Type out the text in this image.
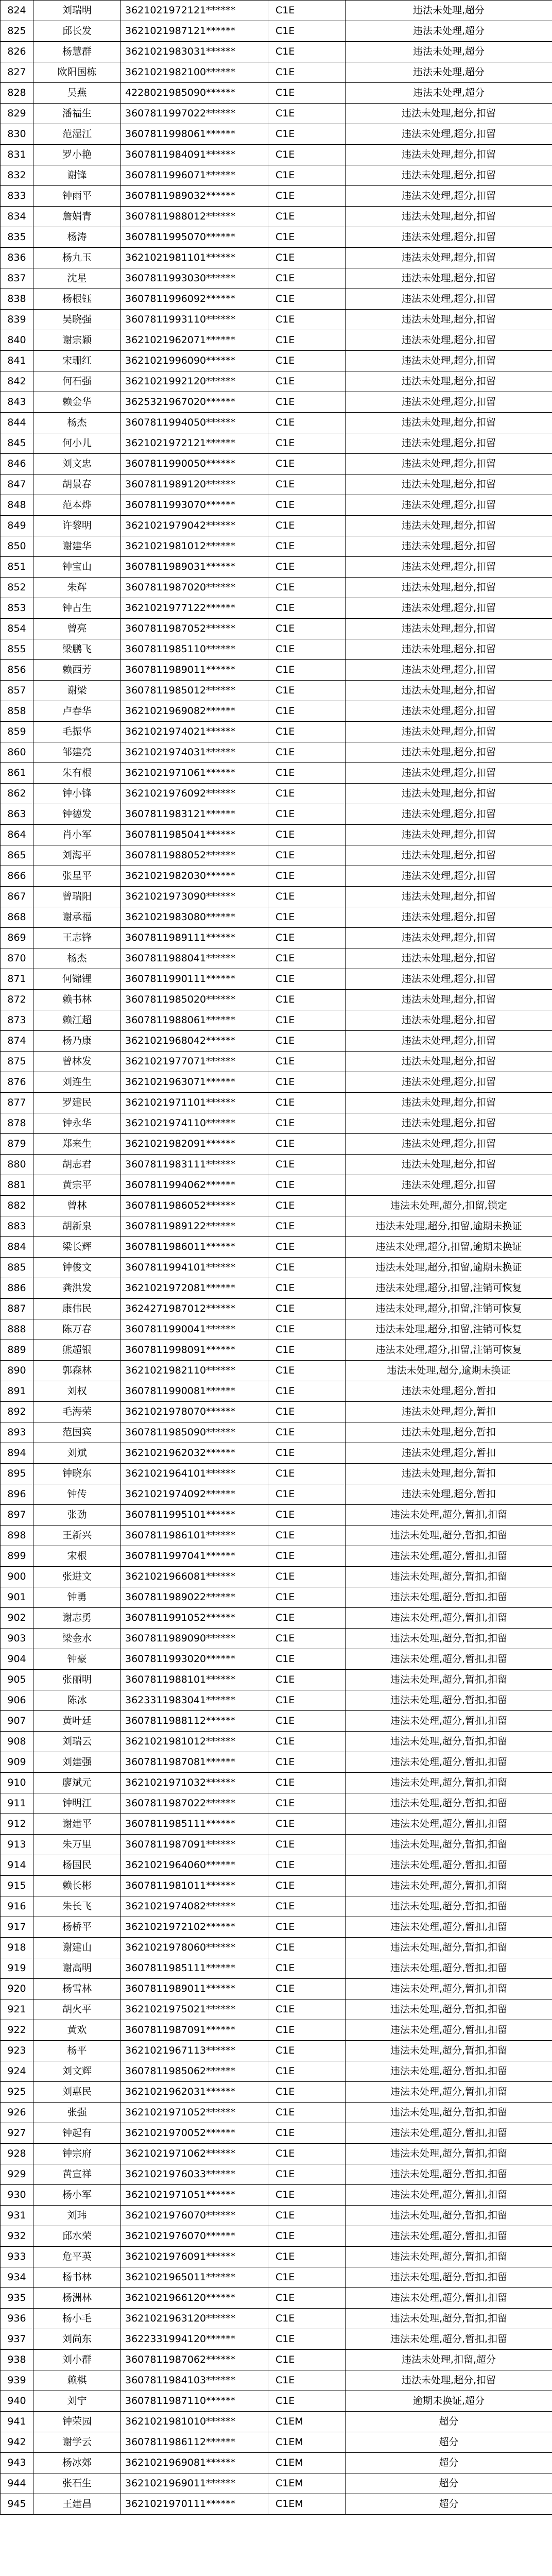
824	刘瑞明	3621021972121******	C1E	违法未处理,超分
825	邱长发	3621021987121******	C1E	违法未处理,超分
826	杨慧群	3621021983031******	C1E	违法未处理,超分
827	欧阳国栋	3621021982100******	C1E	违法未处理,超分
828	吴燕	4228021985090******	C1E	违法未处理,超分
829	潘福生	3607811997022******	C1E	违法未处理,超分,扣留
830	范湿江	3607811998061******	C1E	违法未处理,超分,扣留
831	罗小艳	3607811984091******	C1E	违法未处理,超分,扣留
832	谢锋	3607811996071******	C1E	违法未处理,超分,扣留
833	钟雨平	3607811989032******	C1E	违法未处理,超分,扣留
834	詹娟青	3607811988012******	C1E	违法未处理,超分,扣留
835	杨涛	3607811995070******	C1E	违法未处理,超分,扣留
836	杨九玉	3621021981101******	C1E	违法未处理,超分,扣留
837	沈星	3607811993030******	C1E	违法未处理,超分,扣留
838	杨根钰	3607811996092******	C1E	违法未处理,超分,扣留
839	吴晓强	3607811993110******	C1E	违法未处理,超分,扣留
840	谢宗颖	3621021962071******	C1E	违法未处理,超分,扣留
841	宋珊红	3621021996090******	C1E	违法未处理,超分,扣留
842	何石强	3621021992120******	C1E	违法未处理,超分,扣留
843	赖金华	3625321967020******	C1E	违法未处理,超分,扣留
844	杨杰	3607811994050******	C1E	违法未处理,超分,扣留
845	何小儿	3621021972121******	C1E	违法未处理,超分,扣留
846	刘文忠	3607811990050******	C1E	违法未处理,超分,扣留
847	胡景春	3607811989120******	C1E	违法未处理,超分,扣留
848	范本烨	3607811993070******	C1E	违法未处理,超分,扣留
849	许黎明	3621021979042******	C1E	违法未处理,超分,扣留
850	谢建华	3621021981012******	C1E	违法未处理,超分,扣留
851	钟宝山	3607811989031******	C1E	违法未处理,超分,扣留
852	朱辉	3607811987020******	C1E	违法未处理,超分,扣留
853	钟占生	3621021977122******	C1E	违法未处理,超分,扣留
854	曾亮	3607811987052******	C1E	违法未处理,超分,扣留
855	梁鹏飞	3607811985110******	C1E	违法未处理,超分,扣留
856	赖西芳	3607811989011******	C1E	违法未处理,超分,扣留
857	谢梁	3607811985012******	C1E	违法未处理,超分,扣留
858	卢春华	3621021969082******	C1E	违法未处理,超分,扣留
859	毛振华	3621021974021******	C1E	违法未处理,超分,扣留
860	邹建亮	3621021974031******	C1E	违法未处理,超分,扣留
861	朱有根	3621021971061******	C1E	违法未处理,超分,扣留
862	钟小锋	3621021976092******	C1E	违法未处理,超分,扣留
863	钟德发	3607811983121******	C1E	违法未处理,超分,扣留
864	肖小军	3607811985041******	C1E	违法未处理,超分,扣留
865	刘海平	3607811988052******	C1E	违法未处理,超分,扣留
866	张星平	3621021982030******	C1E	违法未处理,超分,扣留
867	曾瑞阳	3621021973090******	C1E	违法未处理,超分,扣留
868	谢承福	3621021983080******	C1E	违法未处理,超分,扣留
869	王志锋	3607811989111******	C1E	违法未处理,超分,扣留
870	杨杰	3607811988041******	C1E	违法未处理,超分,扣留
871	何锦锂	3607811990111******	C1E	违法未处理,超分,扣留
872	赖书林	3607811985020******	C1E	违法未处理,超分,扣留
873	赖江超	3607811988061******	C1E	违法未处理,超分,扣留
874	杨乃康	3621021968042******	C1E	违法未处理,超分,扣留
875	曾林发	3621021977071******	C1E	违法未处理,超分,扣留
876	刘连生	3621021963071******	C1E	违法未处理,超分,扣留
877	罗建民	3621021971101******	C1E	违法未处理,超分,扣留
878	钟永华	3621021974110******	C1E	违法未处理,超分,扣留
879	郑来生	3621021982091******	C1E	违法未处理,超分,扣留
880	胡志君	3607811983111******	C1E	违法未处理,超分,扣留
881	黄宗平	3607811994062******	C1E	违法未处理,超分,扣留
882	曾林	3607811986052******	C1E	违法未处理,超分,扣留,锁定
883	胡新泉	3607811989122******	C1E	违法未处理,超分,扣留,逾期未换证
884	梁长辉	3607811986011******	C1E	违法未处理,超分,扣留,逾期未换证
885	钟俊文	3607811994101******	C1E	违法未处理,超分,扣留,逾期未换证
886	龚洪发	3621021972081******	C1E	违法未处理,超分,扣留,注销可恢复
887	康伟民	3624271987012******	C1E	违法未处理,超分,扣留,注销可恢复
888	陈万春	3607811990041******	C1E	违法未处理,超分,扣留,注销可恢复
889	熊超银	3607811998091******	C1E	违法未处理,超分,扣留,注销可恢复
890	郭森林	3621021982110******	C1E	违法未处理,超分,逾期未换证
891	刘权	3607811990081******	C1E	违法未处理,超分,暂扣
892	毛海荣	3621021978070******	C1E	违法未处理,超分,暂扣
893	范国宾	3607811985090******	C1E	违法未处理,超分,暂扣
894	刘斌	3621021962032******	C1E	违法未处理,超分,暂扣
895	钟晓东	3621021964101******	C1E	违法未处理,超分,暂扣
896	钟传	3621021974092******	C1E	违法未处理,超分,暂扣
897	张劲	3607811995101******	C1E	违法未处理,超分,暂扣,扣留
898	王新兴	3607811986101******	C1E	违法未处理,超分,暂扣,扣留
899	宋根	3607811997041******	C1E	违法未处理,超分,暂扣,扣留
900	张进文	3621021966081******	C1E	违法未处理,超分,暂扣,扣留
901	钟勇	3607811989022******	C1E	违法未处理,超分,暂扣,扣留
902	谢志勇	3607811991052******	C1E	违法未处理,超分,暂扣,扣留
903	梁金水	3607811989090******	C1E	违法未处理,超分,暂扣,扣留
904	钟豪	3607811993020******	C1E	违法未处理,超分,暂扣,扣留
905	张丽明	3607811988101******	C1E	违法未处理,超分,暂扣,扣留
906	陈冰	3623311983041******	C1E	违法未处理,超分,暂扣,扣留
907	黄叶廷	3607811988112******	C1E	违法未处理,超分,暂扣,扣留
908	刘瑞云	3621021981012******	C1E	违法未处理,超分,暂扣,扣留
909	刘建强	3607811987081******	C1E	违法未处理,超分,暂扣,扣留
910	廖斌元	3621021971032******	C1E	违法未处理,超分,暂扣,扣留
911	钟明江	3607811987022******	C1E	违法未处理,超分,暂扣,扣留
912	谢建平	3607811985111******	C1E	违法未处理,超分,暂扣,扣留
913	朱万里	3607811987091******	C1E	违法未处理,超分,暂扣,扣留
914	杨国民	3621021964060******	C1E	违法未处理,超分,暂扣,扣留
915	赖长彬	3607811981011******	C1E	违法未处理,超分,暂扣,扣留
916	朱长飞	3621021974082******	C1E	违法未处理,超分,暂扣,扣留
917	杨桥平	3621021972102******	C1E	违法未处理,超分,暂扣,扣留
918	谢建山	3621021978060******	C1E	违法未处理,超分,暂扣,扣留
919	谢高明	3607811985111******	C1E	违法未处理,超分,暂扣,扣留
920	杨雪林	3607811989011******	C1E	违法未处理,超分,暂扣,扣留
921	胡火平	3621021975021******	C1E	违法未处理,超分,暂扣,扣留
922	黄欢	3607811987091******	C1E	违法未处理,超分,暂扣,扣留
923	杨平	3621021967113******	C1E	违法未处理,超分,暂扣,扣留
924	刘文辉	3607811985062******	C1E	违法未处理,超分,暂扣,扣留
925	刘惠民	3621021962031******	C1E	违法未处理,超分,暂扣,扣留
926	张强	3621021971052******	C1E	违法未处理,超分,暂扣,扣留
927	钟起有	3621021970052******	C1E	违法未处理,超分,暂扣,扣留
928	钟宗府	3621021971062******	C1E	违法未处理,超分,暂扣,扣留
929	黄宣祥	3621021976033******	C1E	违法未处理,超分,暂扣,扣留
930	杨小军	3621021971051******	C1E	违法未处理,超分,暂扣,扣留
931	刘玮	3621021976070******	C1E	违法未处理,超分,暂扣,扣留
932	邱水荣	3621021976070******	C1E	违法未处理,超分,暂扣,扣留
933	危平英	3621021976091******	C1E	违法未处理,超分,暂扣,扣留
934	杨书林	3621021965011******	C1E	违法未处理,超分,暂扣,扣留
935	杨洲林	3621021966120******	C1E	违法未处理,超分,暂扣,扣留
936	杨小毛	3621021963120******	C1E	违法未处理,超分,暂扣,扣留
937	刘尚东	3622331994120******	C1E	违法未处理,超分,暂扣,扣留
938	刘小群	3607811987062******	C1E	违法未处理,扣留,超分
939	赖棋	3607811984103******	C1E	违法未处理,超分,扣留
940	刘宁	3607811987110******	C1E	逾期未换证,超分
941	钟荣园	3621021981010******	C1EM	超分
942	谢学云	3607811986112******	C1EM	超分
943	杨冰郊	3621021969081******	C1EM	超分
944	张石生	3621021969011******	C1EM	超分
945	王建昌	3621021970111******	C1EM	超分
